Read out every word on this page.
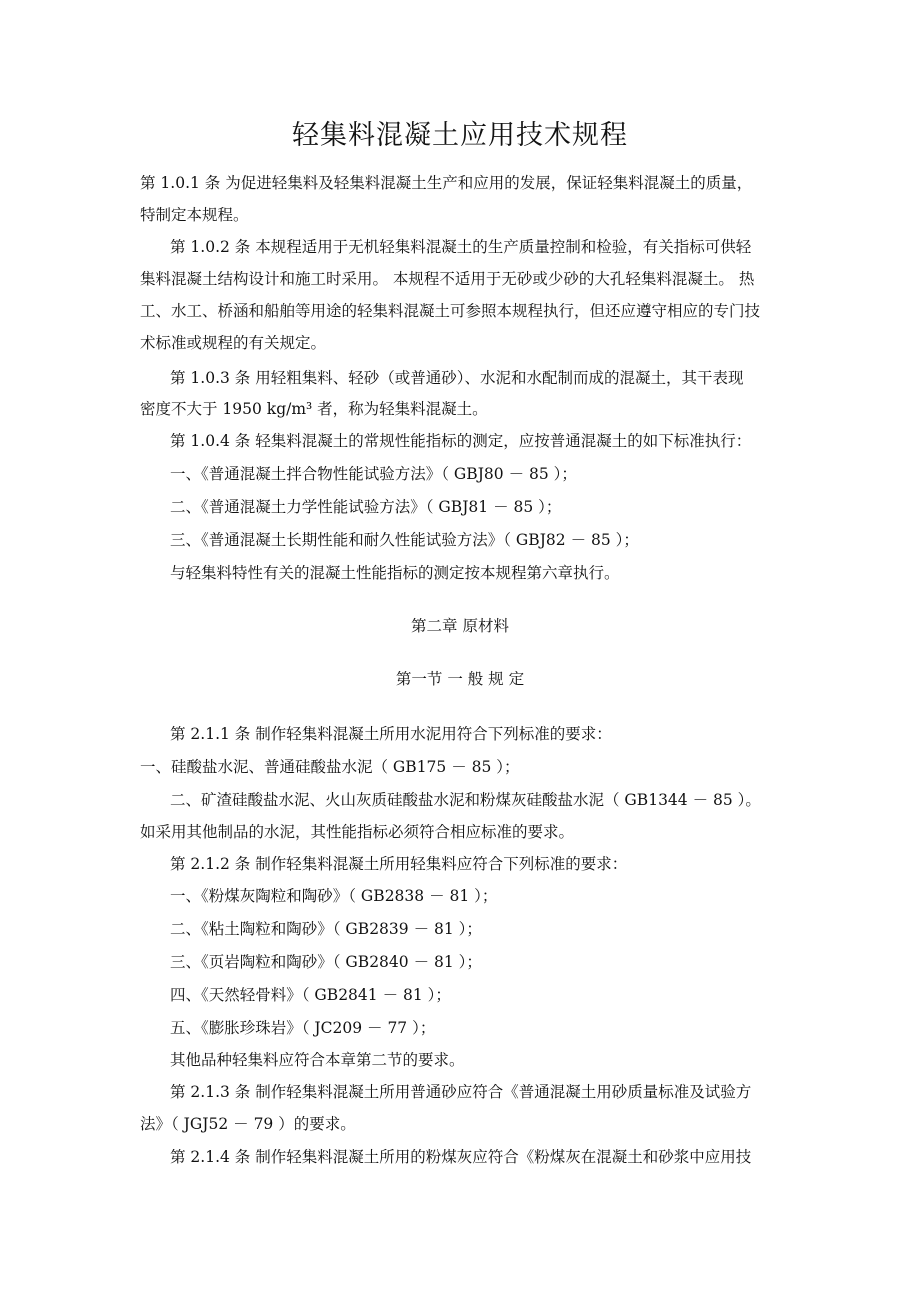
轻集料混凝土应用技术规程
第 1.0.1 条 为促进轻集料及轻集料混凝土生产和应用的发展，保证轻集料混凝土的质量，
特制定本规程。
第 1.0.2 条 本规程适用于无机轻集料混凝土的生产质量控制和检验，有关指标可供轻
集料混凝土结构设计和施工时采用。 本规程不适用于无砂或少砂的大孔轻集料混凝土。 热
工、水工、桥涵和船舶等用途的轻集料混凝土可参照本规程执行，但还应遵守相应的专门技
术标准或规程的有关规定。
第 1.0.3 条 用轻粗集料、轻砂（或普通砂）、水泥和水配制而成的混凝土，其干表现
密度不大于 1950 kg/m³ 者，称为轻集料混凝土。
第 1.0.4 条 轻集料混凝土的常规性能指标的测定，应按普通混凝土的如下标准执行：
一、《普通混凝土拌合物性能试验方法》（ GBJ80 － 85 ）；
二、《普通混凝土力学性能试验方法》（ GBJ81 － 85 ）；
三、《普通混凝土长期性能和耐久性能试验方法》（ GBJ82 － 85 ）；
与轻集料特性有关的混凝土性能指标的测定按本规程第六章执行。
第二章 原材料
第一节 一 般 规 定
第 2.1.1 条 制作轻集料混凝土所用水泥用符合下列标准的要求：
一、硅酸盐水泥、普通硅酸盐水泥（ GB175 － 85 ）；
二、矿渣硅酸盐水泥、火山灰质硅酸盐水泥和粉煤灰硅酸盐水泥（ GB1344 － 85 ）。
如采用其他制品的水泥，其性能指标必须符合相应标准的要求。
第 2.1.2 条 制作轻集料混凝土所用轻集料应符合下列标准的要求：
一、《粉煤灰陶粒和陶砂》（ GB2838 － 81 ）；
二、《粘土陶粒和陶砂》（ GB2839 － 81 ）；
三、《页岩陶粒和陶砂》（ GB2840 － 81 ）；
四、《天然轻骨料》（ GB2841 － 81 ）；
五、《膨胀珍珠岩》（ JC209 － 77 ）；
其他品种轻集料应符合本章第二节的要求。
第 2.1.3 条 制作轻集料混凝土所用普通砂应符合《普通混凝土用砂质量标准及试验方
法》（ JGJ52 － 79 ）的要求。
第 2.1.4 条 制作轻集料混凝土所用的粉煤灰应符合《粉煤灰在混凝土和砂浆中应用技
